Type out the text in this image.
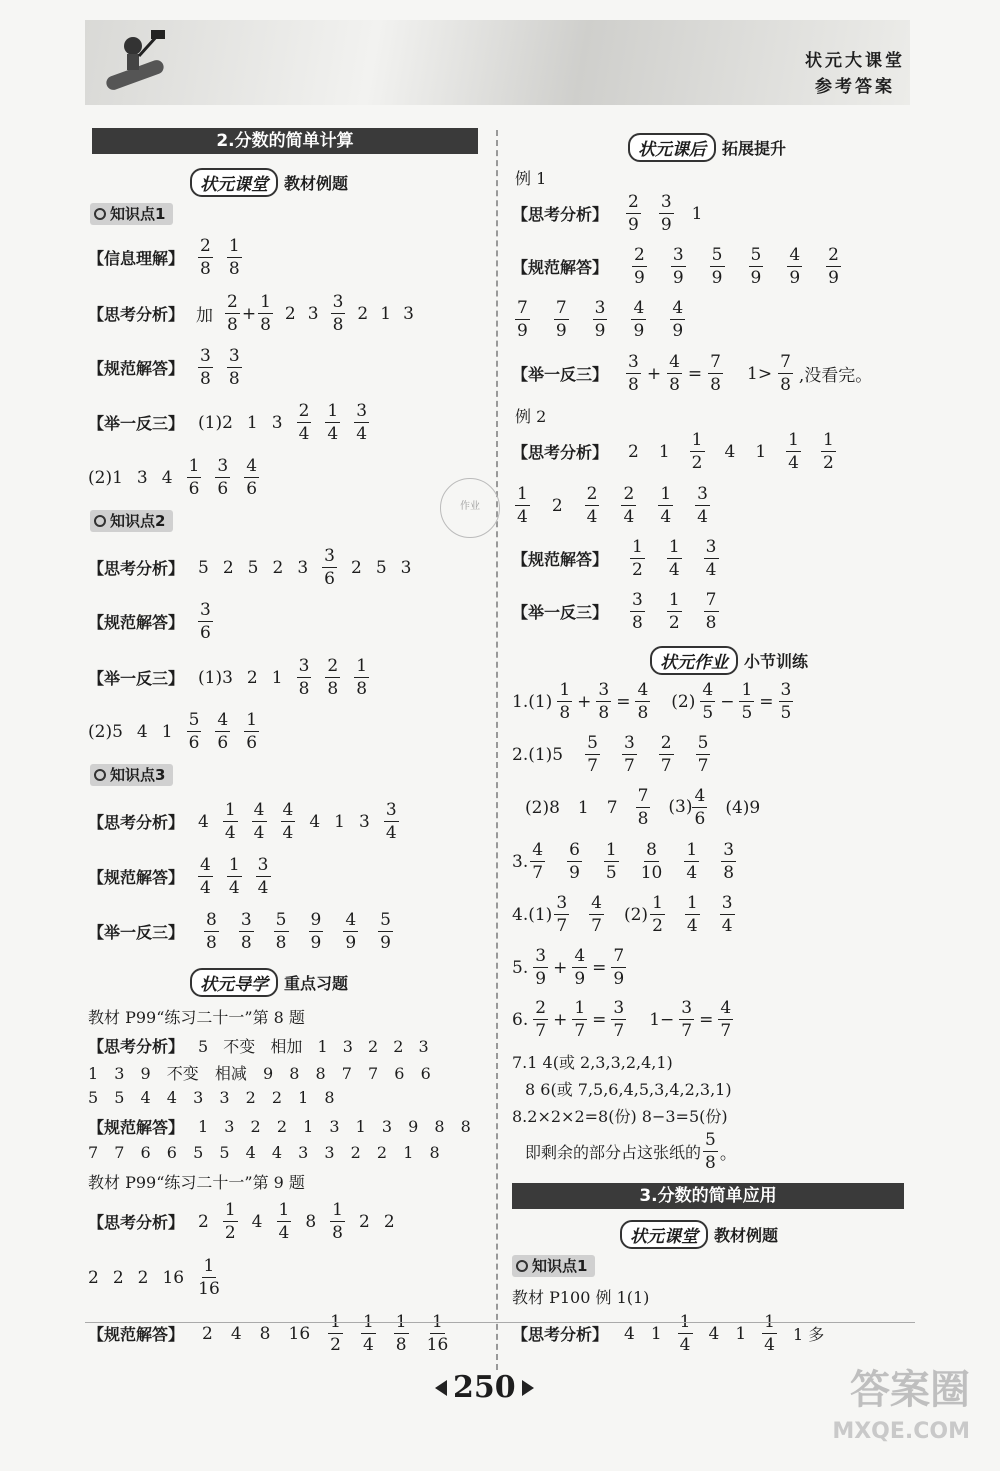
状元大课堂
参考答案
2.分数的简单计算
状元课堂	教材例题
知识点1
【信息理解】 $\frac{2}{8} \frac{1}{8}$
【思考分析】 加 $\frac{2}{8} + \frac{1}{8} 2$ $3 \frac{3}{8} 2$ 1 3
【规范解答】 $\frac{3}{8} \frac{3}{8}$
【举一反三】 (1)2 1 $3 \frac{2}{4} \frac{1}{4} \frac{3}{4}$
(2)1 3 $4 \frac{1}{6} \frac{3}{6} \frac{4}{6}$
作业
知识点2
【思考分析】 5 2 5 2 $3 \frac{3}{6} 2$ 5 3
【规范解答】 $\frac{3}{6}$
【举一反三】 (1)3 2 $1 \frac{3}{8} \frac{2}{8} \frac{1}{8}$
(2)5 4 $1 \frac{5}{6} \frac{4}{6} \frac{1}{6}$
知识点3
【思考分析】 $4 \frac{1}{4} \frac{4}{4} \frac{4}{4} 4$ 1 $3 \frac{3}{4}$
【规范解答】 $\frac{4}{4} \frac{1}{4} \frac{3}{4}$
【举一反三】 $\frac{8}{8} \frac{3}{8} \frac{5}{8} \frac{9}{9} \frac{4}{9} \frac{5}{9}$
状元导学	重点习题
教材 P99“练习二十一”第 8 题
【思考分析】 5 不变 相加 1 3 2 2 3
1 3 9 不变 相减 9 8 8 7 7 6 6
5 5 4 4 3 3 2 2 1 8
【规范解答】 1 3 2 2 1 3 1 3 9 8 8
7 7 6 6 5 5 4 4 3 3 2 2 1 8
教材 P99“练习二十一”第 9 题
【思考分析】 $2 \frac{1}{2} 4 \frac{1}{4} 8 \frac{1}{8} 2$ 2
2 2 2 $16 \frac{1}{16}$
【规范解答】 2 4 8 $16 \frac{1}{2} \frac{1}{4} \frac{1}{8} \frac{1}{16}$
状元课后	拓展提升
例 1
【思考分析】 $\frac{2}{9} \frac{3}{9} 1$
【规范解答】 $\frac{2}{9} \frac{3}{9} \frac{5}{9} \frac{5}{9} \frac{4}{9} \frac{2}{9}$
$\frac{7}{9} \frac{7}{9} \frac{3}{9} \frac{4}{9} \frac{4}{9}$
【举一反三】 $\frac{3}{8} + \frac{4}{8} = \frac{7}{8} 1> \frac{7}{8}$ ,没看完。
例 2
【思考分析】 2 $1 \frac{1}{2} 4$ $1 \frac{1}{4} \frac{1}{2}$
$\frac{1}{4} 2 \frac{2}{4} \frac{2}{4} \frac{1}{4} \frac{3}{4}$
【规范解答】 $\frac{1}{2} \frac{1}{4} \frac{3}{4}$
【举一反三】 $\frac{3}{8} \frac{1}{2} \frac{7}{8}$
状元作业	小节训练
$1.(1) \frac{1}{8} + \frac{3}{8} = \frac{4}{8} (2) \frac{4}{5} - \frac{1}{5} = \frac{3}{5}$
$2.(1)5 \frac{5}{7} \frac{3}{7} \frac{2}{7} \frac{5}{7}$
(2)8 1 $7 \frac{7}{8} (3) \frac{4}{6} (4)9$
3. $\frac{4}{7} \frac{6}{9} \frac{1}{5} \frac{8}{10} \frac{1}{4} \frac{3}{8}$
$4.(1) \frac{3}{7} \frac{4}{7} (2) \frac{1}{2} \frac{1}{4} \frac{3}{4}$
5. $\frac{3}{9} + \frac{4}{9} = \frac{7}{9}$
6. $\frac{2}{7} + \frac{1}{7} = \frac{3}{7} 1- \frac{3}{7} = \frac{4}{7}$
7.1 4(或 2,3,3,2,4,1)
8 6(或 7,5,6,4,5,3,4,2,3,1)
8.2×2×2=8(份) 8−3=5(份)
即剩余的部分占这张纸的 $\frac{5}{8}$ 。
3.分数的简单应用
状元课堂	教材例题
知识点1
教材 P100 例 1(1)
【思考分析】 4 $1 \frac{1}{4} 4$ $1 \frac{1}{4} 1$ 多
250	答案圈
MXQE.COM
